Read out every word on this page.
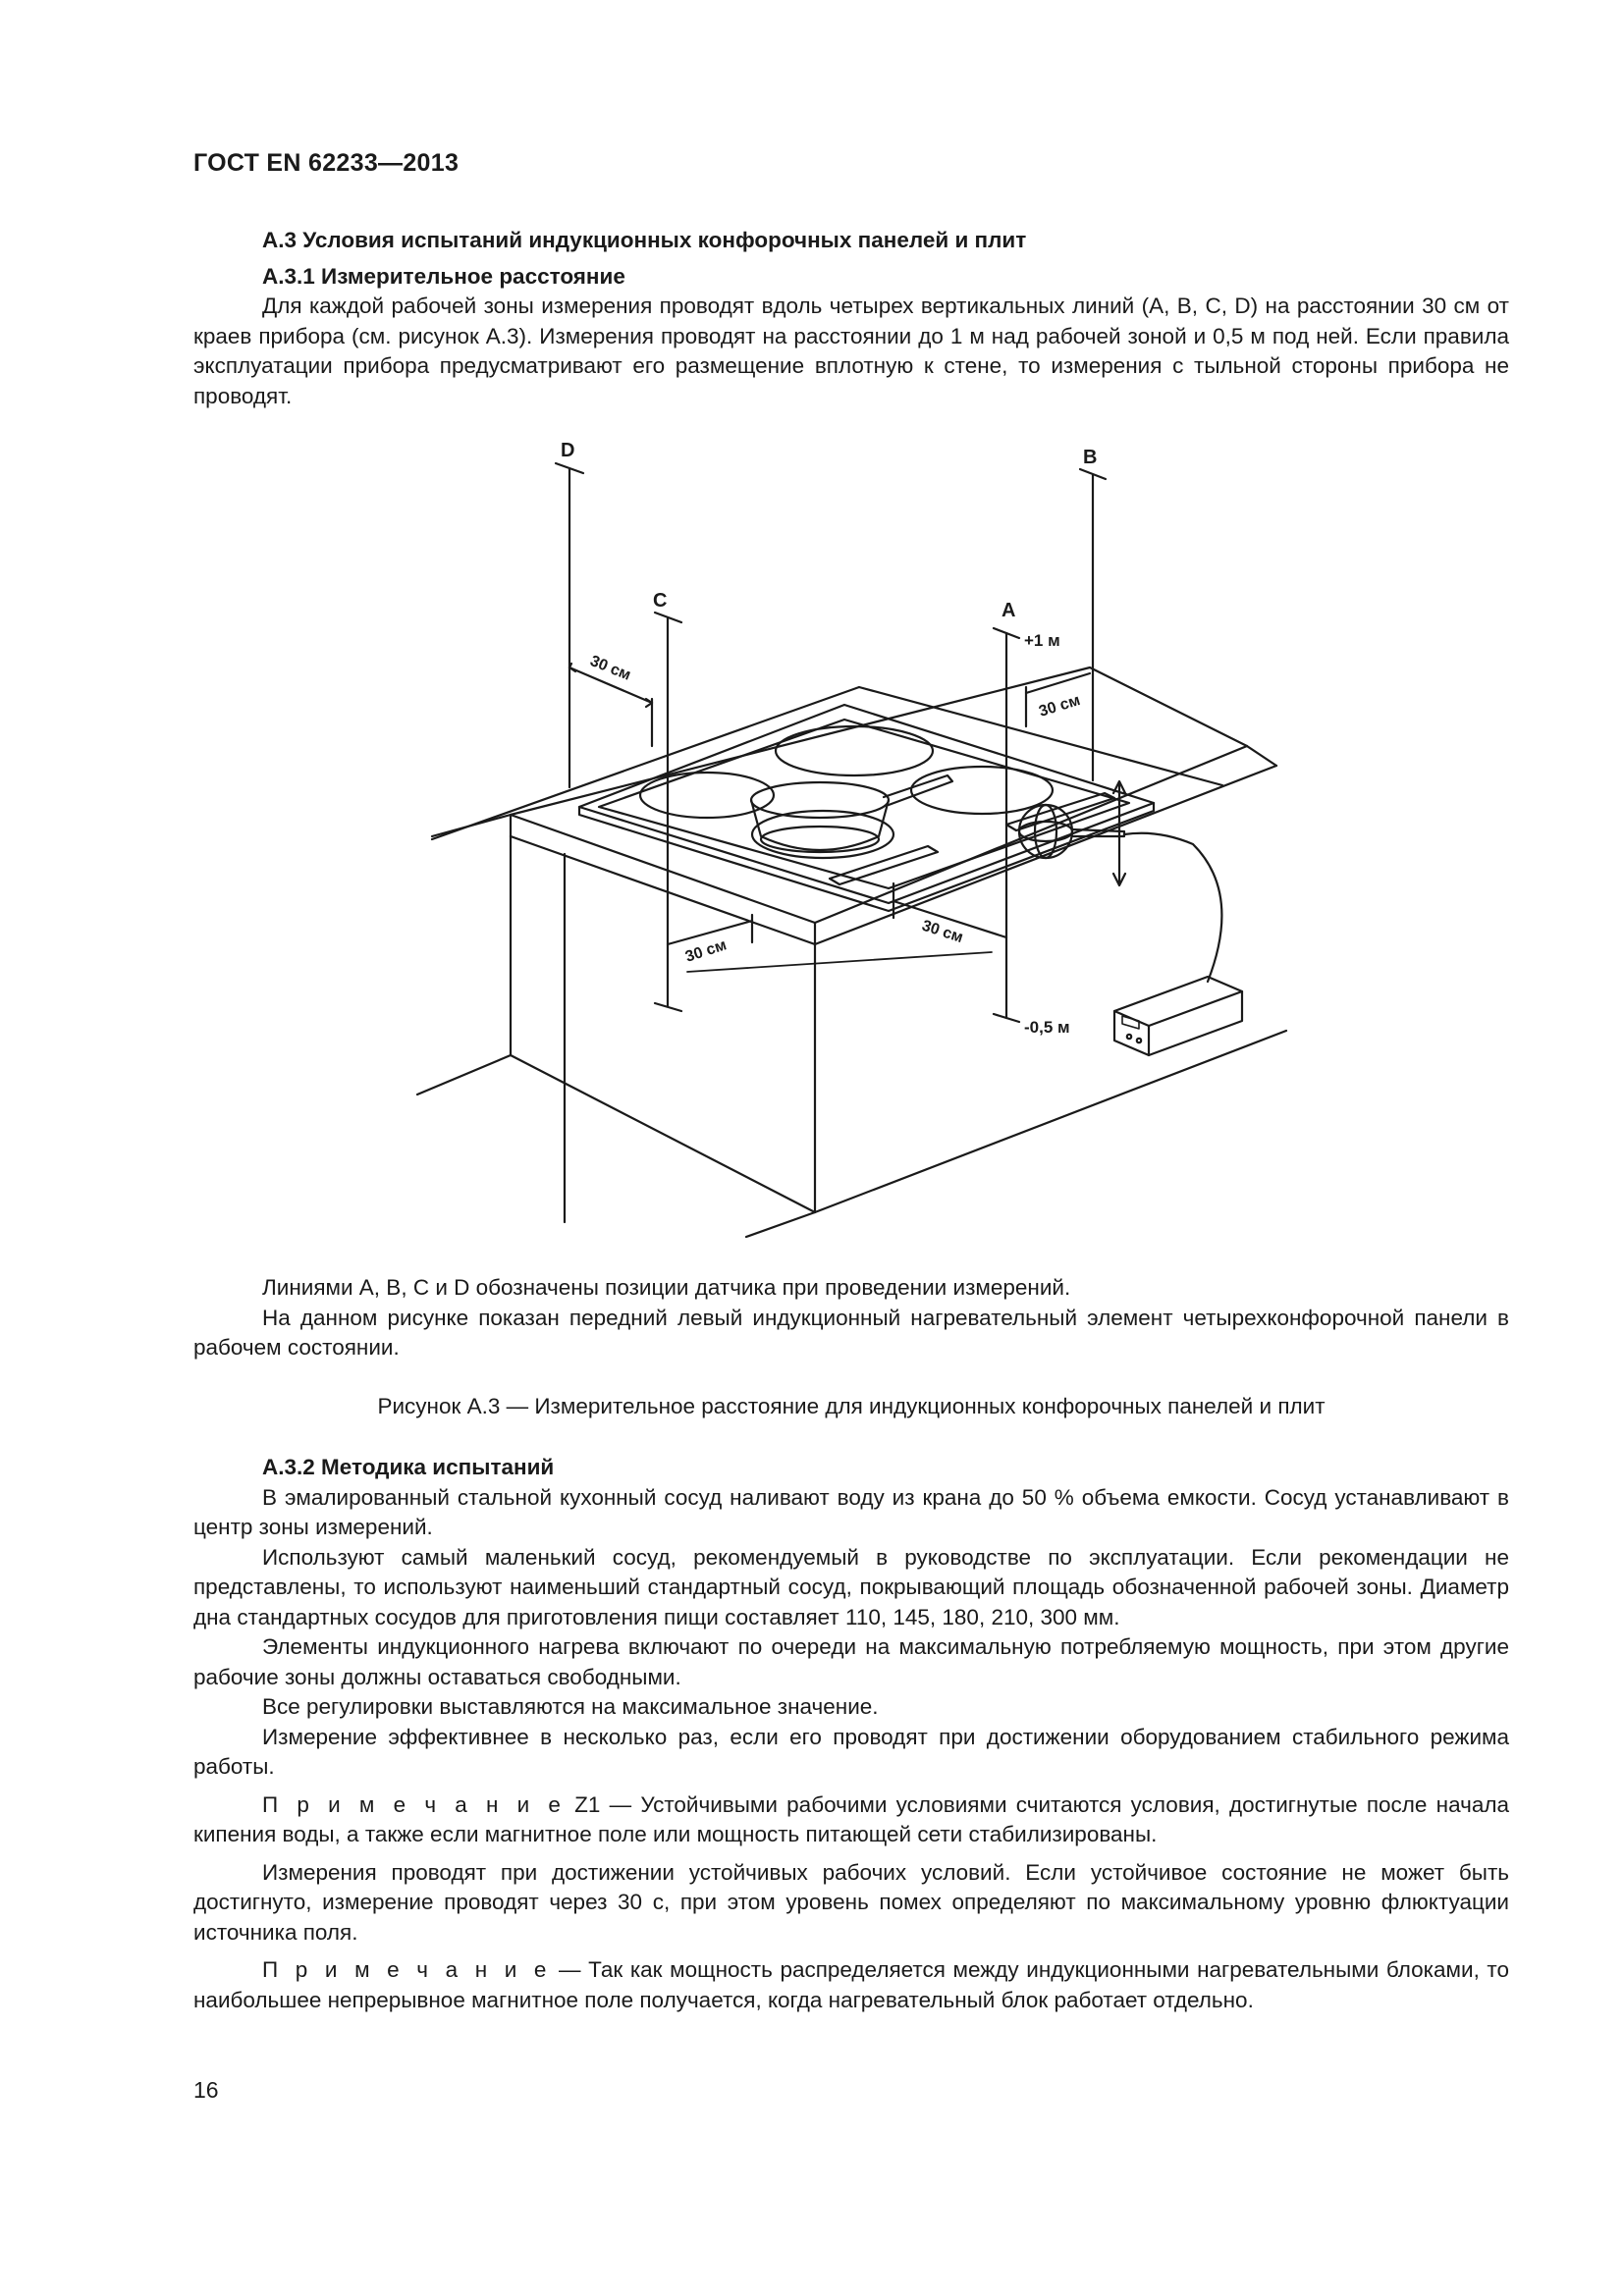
ГОСТ EN 62233—2013

А.3 Условия испытаний индукционных конфорочных панелей и плит

А.3.1 Измерительное расстояние

Для каждой рабочей зоны измерения проводят вдоль четырех вертикальных линий (А, В, С, D) на расстоянии 30 см от краев прибора (см. рисунок А.3). Измерения проводят на расстоянии до 1 м над рабочей зоной и 0,5 м под ней. Если правила эксплуатации прибора предусматривают его размещение вплотную к стене, то измерения с тыльной стороны прибора не проводят.

D	B
C	A
+1 м
-0,5 м
30 см
30 см
30 см
30 см

Линиями А, В, С и D обозначены позиции датчика при проведении измерений.

На данном рисунке показан передний левый индукционный нагревательный элемент четырехконфорочной панели в рабочем состоянии.

Рисунок А.3 — Измерительное расстояние для индукционных конфорочных панелей и плит

А.3.2 Методика испытаний

В эмалированный стальной кухонный сосуд наливают воду из крана до 50 % объема емкости. Сосуд устанавливают в центр зоны измерений.

Используют самый маленький сосуд, рекомендуемый в руководстве по эксплуатации. Если рекомендации не представлены, то используют наименьший стандартный сосуд, покрывающий площадь обозначенной рабочей зоны. Диаметр дна стандартных сосудов для приготовления пищи составляет 110, 145, 180, 210, 300 мм.

Элементы индукционного нагрева включают по очереди на максимальную потребляемую мощность, при этом другие рабочие зоны должны оставаться свободными.

Все регулировки выставляются на максимальное значение.

Измерение эффективнее в несколько раз, если его проводят при достижении оборудованием стабильного режима работы.

П р и м е ч а н и е Z1 — Устойчивыми рабочими условиями считаются условия, достигнутые после начала кипения воды, а также если магнитное поле или мощность питающей сети стабилизированы.

Измерения проводят при достижении устойчивых рабочих условий. Если устойчивое состояние не может быть достигнуто, измерение проводят через 30 с, при этом уровень помех определяют по максимальному уровню флюктуации источника поля.

П р и м е ч а н и е — Так как мощность распределяется между индукционными нагревательными блоками, то наибольшее непрерывное магнитное поле получается, когда нагревательный блок работает отдельно.

16
